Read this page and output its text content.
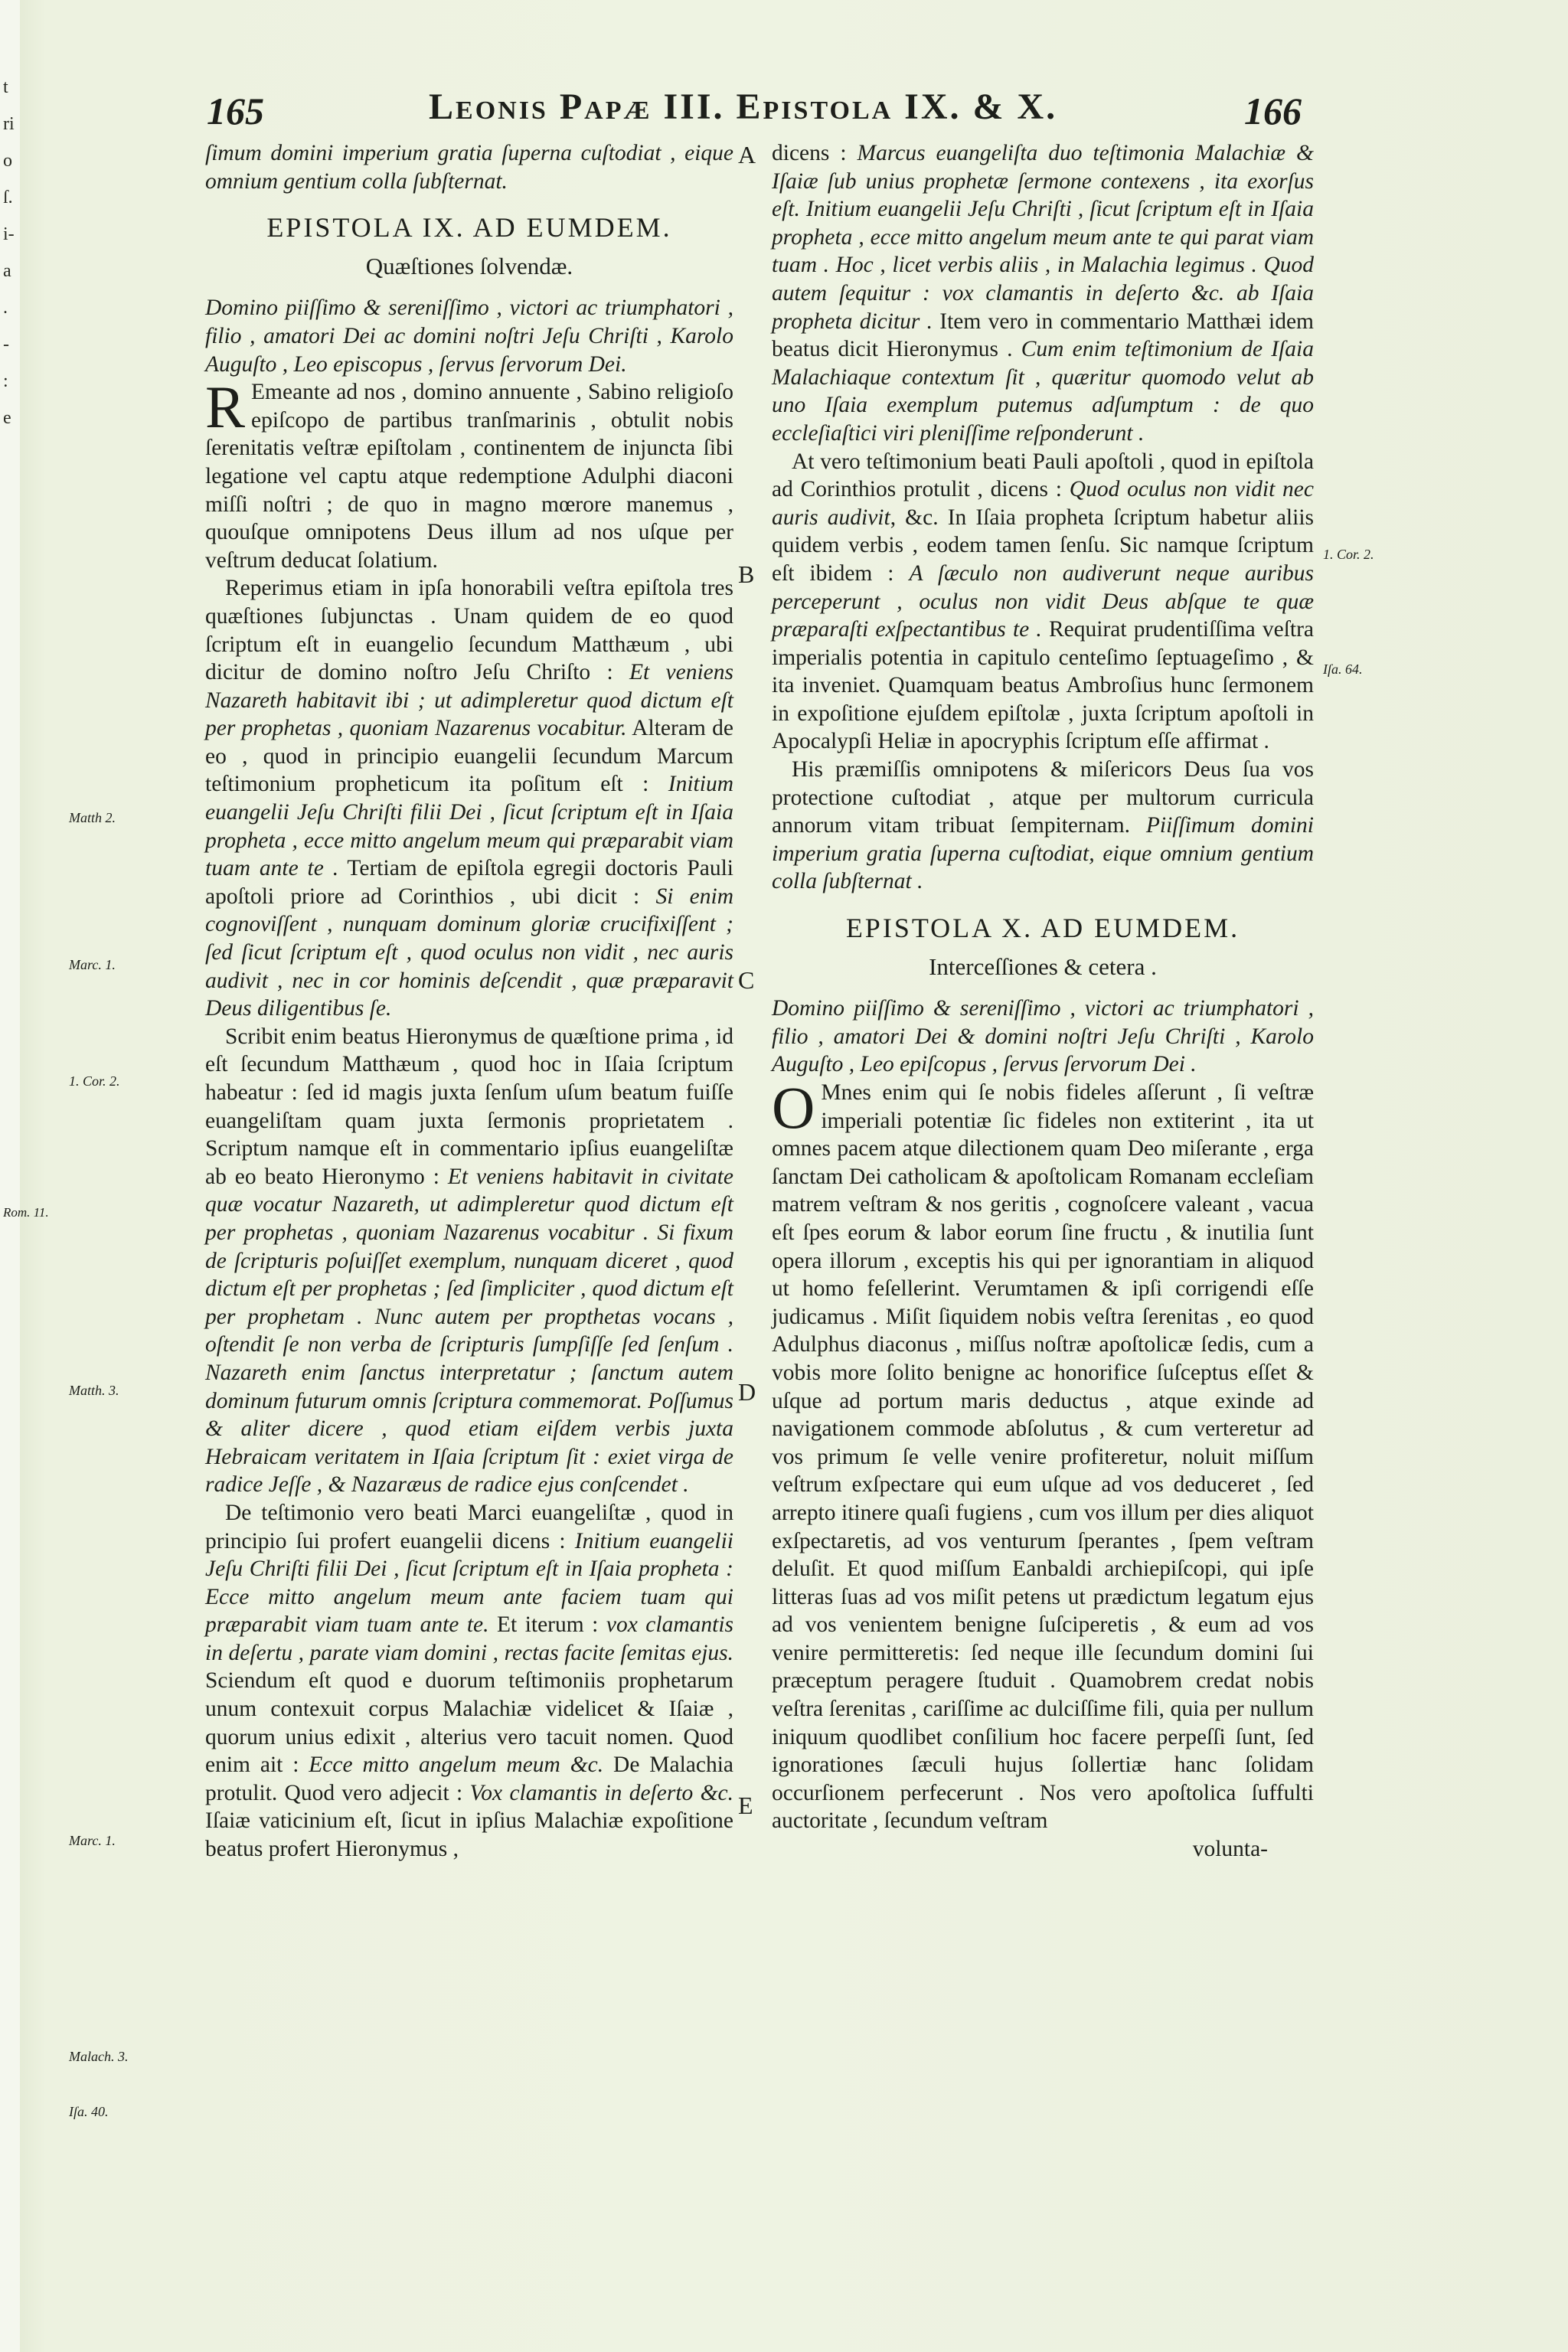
t
ri
o
ſ.
i-
a
.
-
:
e
165	Leonis Papæ III. Epistola IX. & X.	166
A
B
C
D
E
Matth 2.
Marc. 1.
1. Cor. 2.
Matth. 3.
Marc. 1.
Malach. 3.
Iſa. 40.
Rom. 11.
1. Cor. 2.
Iſa. 64.

ſimum domini imperium gratia ſuperna cuſtodiat , eique omnium gentium colla ſubſternat.

EPISTOLA IX. AD EUMDEM.
Quæſtiones ſolvendæ.

Domino piiſſimo & sereniſſimo , victori ac triumphatori , filio , amatori Dei ac domini noſtri Jeſu Chriſti , Karolo Auguſto , Leo episcopus , ſervus ſervorum Dei.

R Emeante ad nos , domino annuente , Sabino religioſo epiſcopo de partibus tranſmarinis , obtulit nobis ſerenitatis veſtræ epiſtolam , continentem de injuncta ſibi legatione vel captu atque redemptione Adulphi diaconi miſſi noſtri ; de quo in magno mœrore manemus , quouſque omnipotens Deus illum ad nos uſque per veſtrum deducat ſolatium.

Reperimus etiam in ipſa honorabili veſtra epiſtola tres quæſtiones ſubjunctas . Unam quidem de eo quod ſcriptum eſt in euangelio ſecundum Matthæum , ubi dicitur de domino noſtro Jeſu Chriſto : Et veniens Nazareth habitavit ibi ; ut adimpleretur quod dictum eſt per prophetas , quoniam Nazarenus vocabitur. Alteram de eo , quod in principio euangelii ſecundum Marcum teſtimonium propheticum ita poſitum eſt : Initium euangelii Jeſu Chriſti filii Dei , ſicut ſcriptum eſt in Iſaia propheta , ecce mitto angelum meum qui præparabit viam tuam ante te . Tertiam de epiſtola egregii doctoris Pauli apoſtoli priore ad Corinthios , ubi dicit : Si enim cognoviſſent , nunquam dominum gloriæ crucifixiſſent ; ſed ſicut ſcriptum eſt , quod oculus non vidit , nec auris audivit , nec in cor hominis deſcendit , quæ præparavit Deus diligentibus ſe.

Scribit enim beatus Hieronymus de quæſtione prima , id eſt ſecundum Matthæum , quod hoc in Iſaia ſcriptum habeatur : ſed id magis juxta ſenſum uſum beatum fuiſſe euangeliſtam quam juxta ſermonis proprietatem . Scriptum namque eſt in commentario ipſius euangeliſtæ ab eo beato Hieronymo : Et veniens habitavit in civitate quæ vocatur Nazareth, ut adimpleretur quod dictum eſt per prophetas , quoniam Nazarenus vocabitur . Si fixum de ſcripturis poſuiſſet exemplum, nunquam diceret , quod dictum eſt per prophetas ; ſed ſimpliciter , quod dictum eſt per prophetam . Nunc autem per propthetas vocans , oſtendit ſe non verba de ſcripturis ſumpſiſſe ſed ſenſum . Nazareth enim ſanctus interpretatur ; ſanctum autem dominum futurum omnis ſcriptura commemorat. Poſſumus & aliter dicere , quod etiam eiſdem verbis juxta Hebraicam veritatem in Iſaia ſcriptum ſit : exiet virga de radice Jeſſe , & Nazaræus de radice ejus conſcendet .

De teſtimonio vero beati Marci euangeliſtæ , quod in principio ſui profert euangelii dicens : Initium euangelii Jeſu Chriſti filii Dei , ſicut ſcriptum eſt in Iſaia propheta : Ecce mitto angelum meum ante faciem tuam qui præparabit viam tuam ante te. Et iterum : vox clamantis in deſertu , parate viam domini , rectas facite ſemitas ejus. Sciendum eſt quod e duorum teſtimoniis prophetarum unum contexuit corpus Malachiæ videlicet & Iſaiæ , quorum unius edixit , alterius vero tacuit nomen. Quod enim ait : Ecce mitto angelum meum &c. De Malachia protulit. Quod vero adjecit : Vox clamantis in deſerto &c. Iſaiæ vaticinium eſt, ſicut in ipſius Malachiæ expoſitione beatus profert Hieronymus ,

dicens : Marcus euangeliſta duo teſtimonia Malachiæ & Iſaiæ ſub unius prophetæ ſermone contexens , ita exorſus eſt. Initium euangelii Jeſu Chriſti , ſicut ſcriptum eſt in Iſaia propheta , ecce mitto angelum meum ante te qui parat viam tuam . Hoc , licet verbis aliis , in Malachia legimus . Quod autem ſequitur : vox clamantis in deſerto &c. ab Iſaia propheta dicitur . Item vero in commentario Matthæi idem beatus dicit Hieronymus . Cum enim teſtimonium de Iſaia Malachiaque contextum ſit , quæritur quomodo velut ab uno Iſaia exemplum putemus adſumptum : de quo eccleſiaſtici viri pleniſſime reſponderunt .

At vero teſtimonium beati Pauli apoſtoli , quod in epiſtola ad Corinthios protulit , dicens : Quod oculus non vidit nec auris audivit, &c. In Iſaia propheta ſcriptum habetur aliis quidem verbis , eodem tamen ſenſu. Sic namque ſcriptum eſt ibidem : A ſæculo non audiverunt neque auribus perceperunt , oculus non vidit Deus abſque te quæ præparaſti exſpectantibus te . Requirat prudentiſſima veſtra imperialis potentia in capitulo centeſimo ſeptuageſimo , & ita inveniet. Quamquam beatus Ambroſius hunc ſermonem in expoſitione ejuſdem epiſtolæ , juxta ſcriptum apoſtoli in Apocalypſi Heliæ in apocryphis ſcriptum eſſe affirmat .

His præmiſſis omnipotens & miſericors Deus ſua vos protectione cuſtodiat , atque per multorum curricula annorum vitam tribuat ſempiternam. Piiſſimum domini imperium gratia ſuperna cuſtodiat, eique omnium gentium colla ſubſternat .

EPISTOLA X. AD EUMDEM.
Interceſſiones & cetera .

Domino piiſſimo & sereniſſimo , victori ac triumphatori , filio , amatori Dei & domini noſtri Jeſu Chriſti , Karolo Auguſto , Leo epiſcopus , ſervus ſervorum Dei .

O Mnes enim qui ſe nobis fideles aſſerunt , ſi veſtræ imperiali potentiæ ſic fideles non extiterint , ita ut omnes pacem atque dilectionem quam Deo miſerante , erga ſanctam Dei catholicam & apoſtolicam Romanam eccleſiam matrem veſtram & nos geritis , cognoſcere valeant , vacua eſt ſpes eorum & labor eorum ſine fructu , & inutilia ſunt opera illorum , exceptis his qui per ignorantiam in aliquod ut homo feſellerint. Verumtamen & ipſi corrigendi eſſe judicamus . Miſit ſiquidem nobis veſtra ſerenitas , eo quod Adulphus diaconus , miſſus noſtræ apoſtolicæ ſedis, cum a vobis more ſolito benigne ac honorifice ſuſceptus eſſet & uſque ad portum maris deductus , atque exinde ad navigationem commode abſolutus , & cum verteretur ad vos primum ſe velle venire profiteretur, noluit miſſum veſtrum exſpectare qui eum uſque ad vos deduceret , ſed arrepto itinere quaſi fugiens , cum vos illum per dies aliquot exſpectaretis, ad vos venturum ſperantes , ſpem veſtram deluſit. Et quod miſſum Eanbaldi archiepiſcopi, qui ipſe litteras ſuas ad vos miſit petens ut prædictum legatum ejus ad vos venientem benigne ſuſciperetis , & eum ad vos venire permitteretis: ſed neque ille ſecundum domini ſui præceptum peragere ſtuduit . Quamobrem credat nobis veſtra ſerenitas , cariſſime ac dulciſſime fili, quia per nullum iniquum quodlibet conſilium hoc facere perpeſſi ſunt, ſed ignorationes ſæculi hujus ſollertiæ hanc ſolidam occurſionem perfecerunt . Nos vero apoſtolica ſuffulti auctoritate , ſecundum veſtram

volunta-
